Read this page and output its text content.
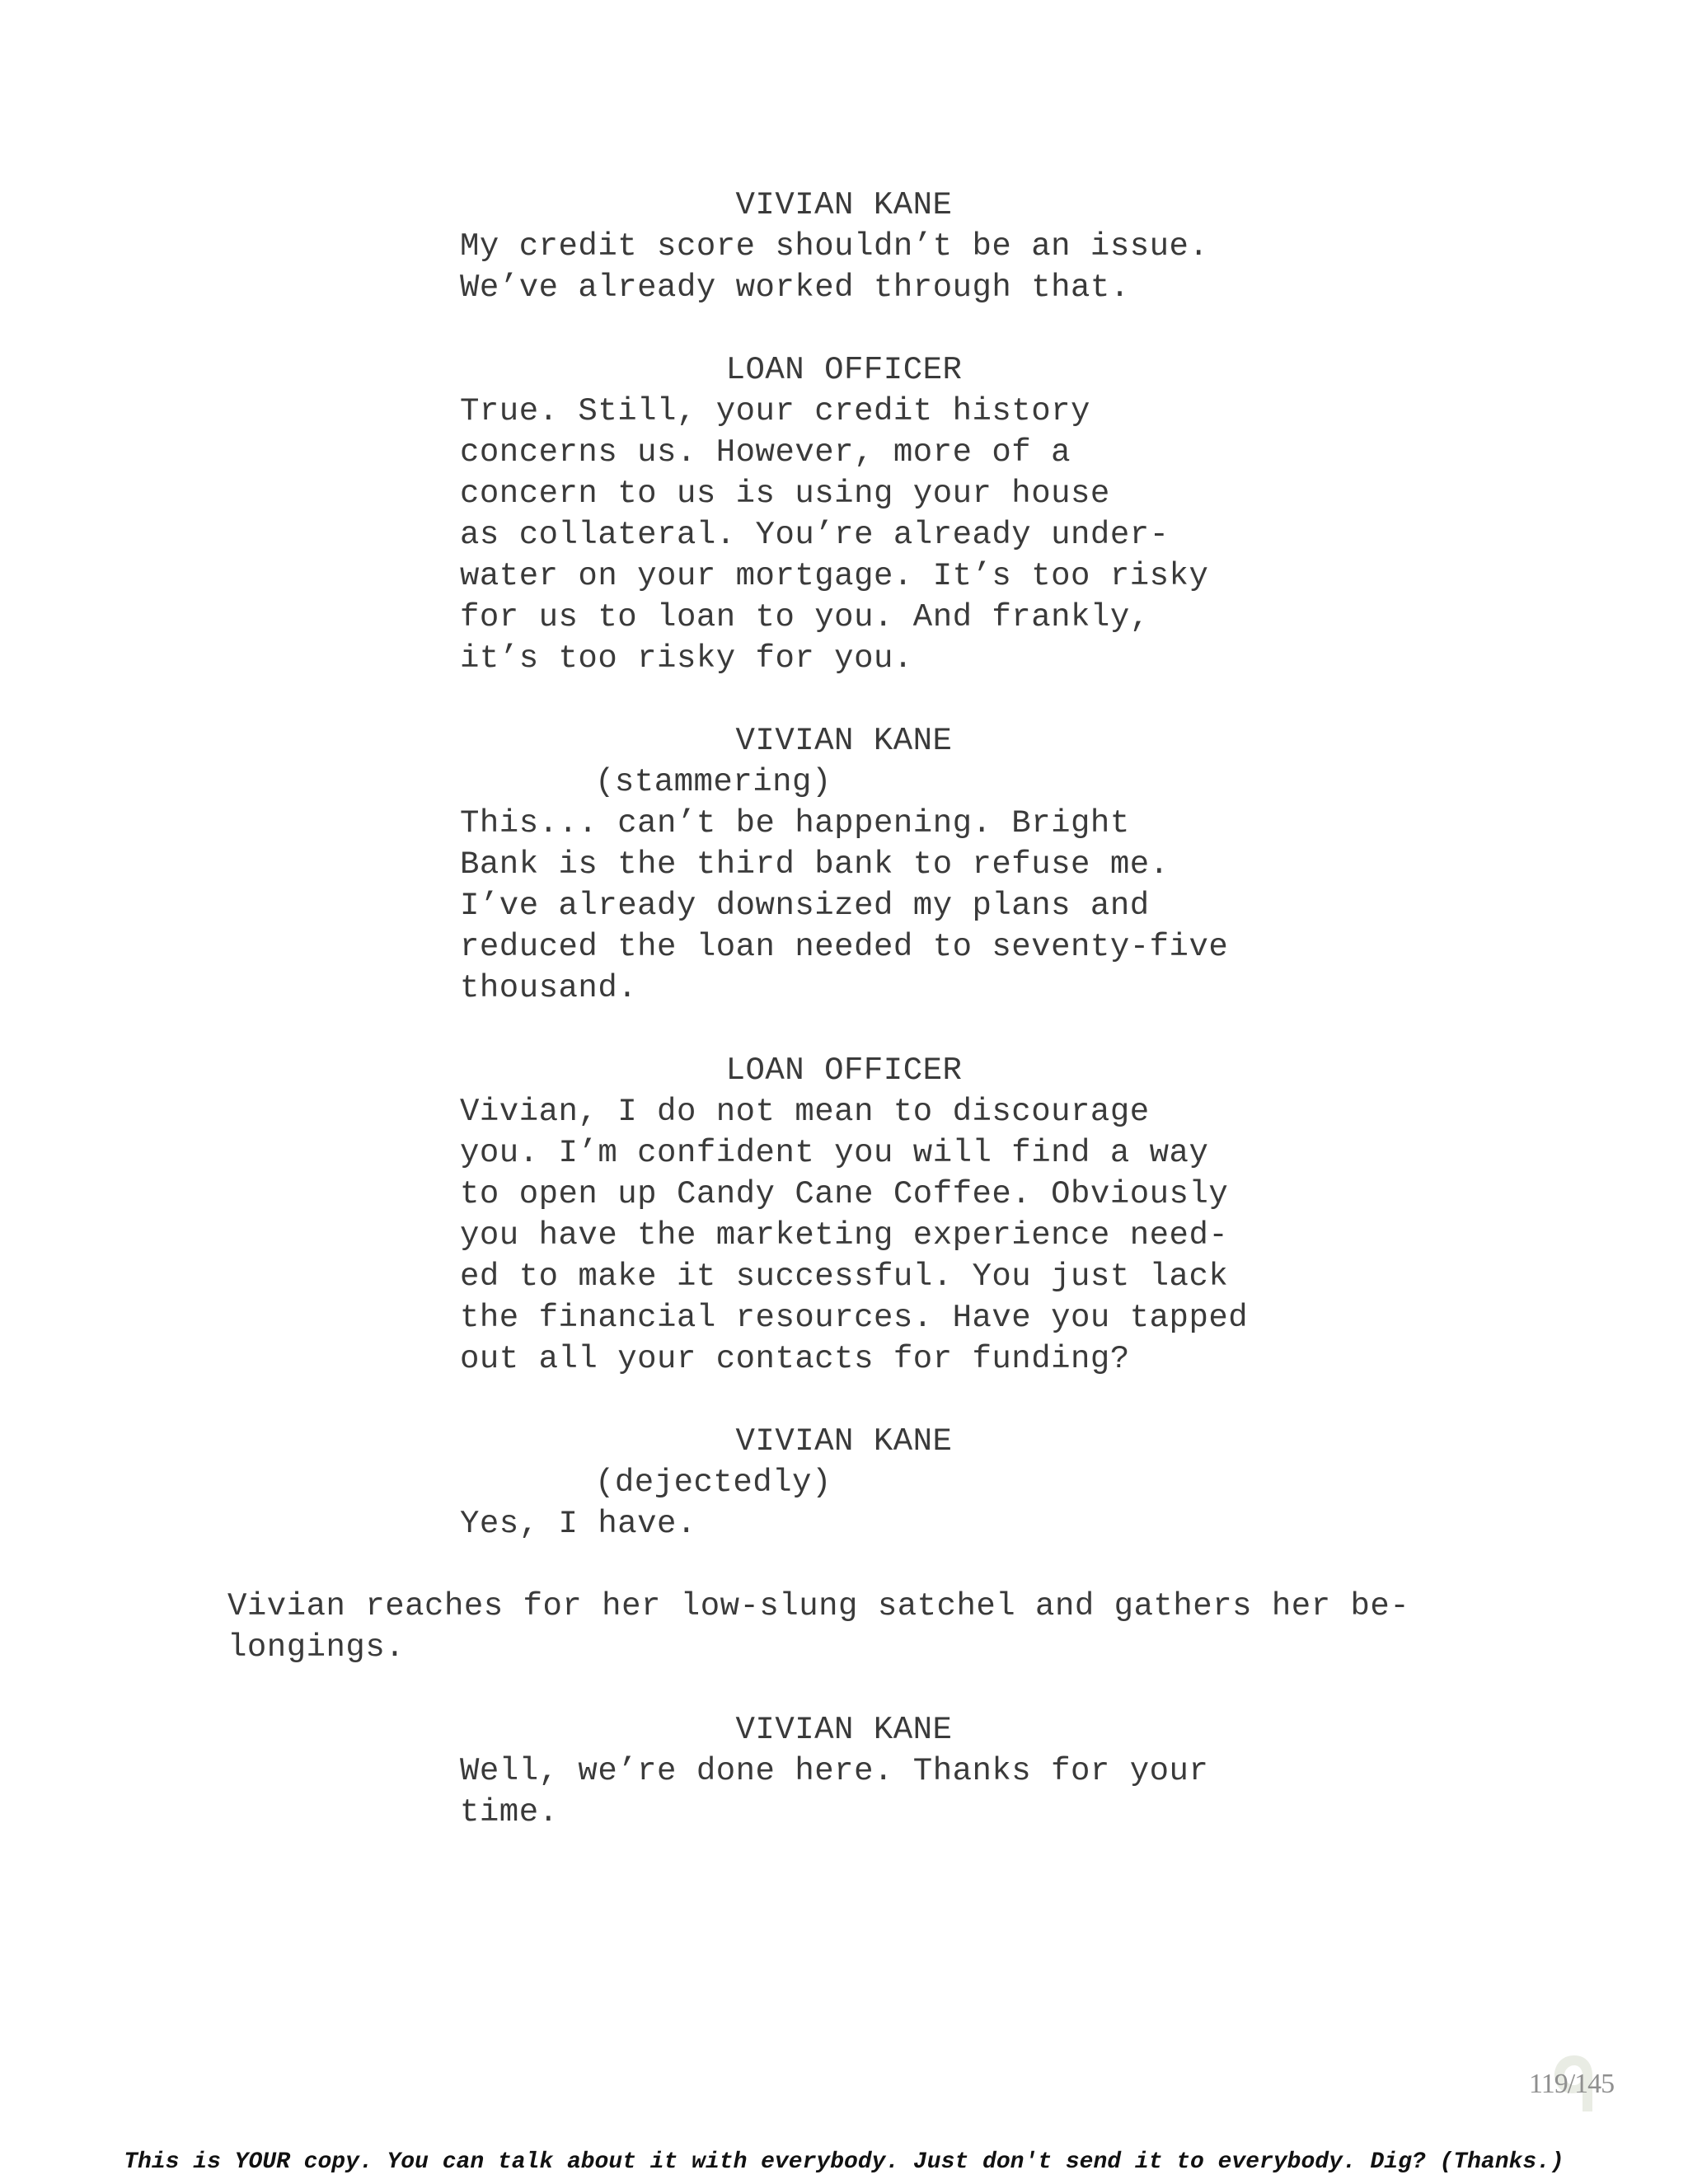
VIVIAN KANE
My credit score shouldn’t be an issue.
We’ve already worked through that.
LOAN OFFICER
True. Still, your credit history
concerns us. However, more of a
concern to us is using your house
as collateral. You’re already under-
water on your mortgage. It’s too risky
for us to loan to you. And frankly,
it’s too risky for you.
VIVIAN KANE
(stammering)
This... can’t be happening. Bright
Bank is the third bank to refuse me.
I’ve already downsized my plans and
reduced the loan needed to seventy-five
thousand.
LOAN OFFICER
Vivian, I do not mean to discourage
you. I’m confident you will find a way
to open up Candy Cane Coffee. Obviously
you have the marketing experience need-
ed to make it successful. You just lack
the financial resources. Have you tapped
out all your contacts for funding?
VIVIAN KANE
(dejectedly)
Yes, I have.
Vivian reaches for her low-slung satchel and gathers her be-
longings.
VIVIAN KANE
Well, we’re done here. Thanks for your
time.
119/145
This is YOUR copy. You can talk about it with everybody. Just don't send it to everybody. Dig? (Thanks.)
